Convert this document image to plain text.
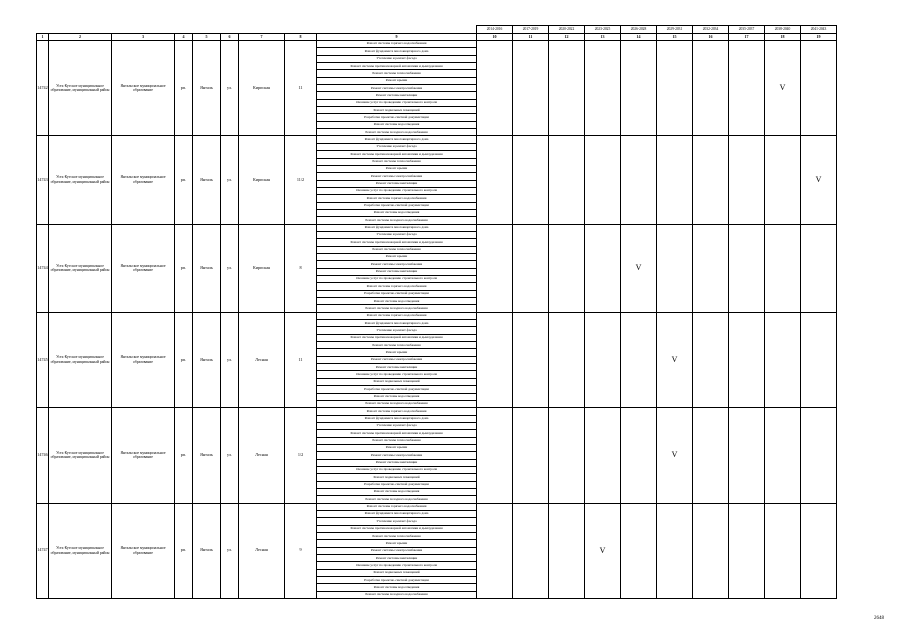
									2014-2016	2017-2019	2020-2022	2023-2025	2026-2028	2029-2031	2032-2034	2035-2037	2038-2040	2041-2043
1	2	3	4	5	6	7	8	9	10	11	12	13	14	15	16	17	18	19
14742	Усть-Кутское муниципальное образование, муниципальный район	Янтальское муниципальное образование	рп.	Янталь	ул.	Кирпская	11	Ремонт системы горячего водоснабжения									V	
								Ремонт фундамента многоквартирного дома										
								Утепление и ремонт фасада										
								Ремонт системы противопожарной автоматики и дымоудаления										
								Ремонт системы теплоснабжения										
								Ремонт крыши										
								Ремонт системы электроснабжения										
								Ремонт системы вентиляции										
								Оказание услуг по проведению строительного контроля										
								Ремонт подвальных помещений										
								Разработка проектно-сметной документации										
								Ремонт системы водоотведения										
								Ремонт системы холодного водоснабжения										
14743	Усть-Кутское муниципальное образование, муниципальный район	Янтальское муниципальное образование	рп.	Янталь	ул.	Кирпская	11/2	Ремонт фундамента многоквартирного дома										V
								Утепление и ремонт фасада										
								Ремонт системы противопожарной автоматики и дымоудаления										
								Ремонт системы теплоснабжения										
								Ремонт крыши										
								Ремонт системы электроснабжения										
								Ремонт системы вентиляции										
								Оказание услуг по проведению строительного контроля										
								Ремонт системы горячего водоснабжения										
								Разработка проектно-сметной документации										
								Ремонт системы водоотведения										
								Ремонт системы холодного водоснабжения										
14744	Усть-Кутское муниципальное образование, муниципальный район	Янтальское муниципальное образование	рп.	Янталь	ул.	Кирпская	8	Ремонт фундамента многоквартирного дома					V					
								Утепление и ремонт фасада										
								Ремонт системы противопожарной автоматики и дымоудаления										
								Ремонт системы теплоснабжения										
								Ремонт крыши										
								Ремонт системы электроснабжения										
								Ремонт системы вентиляции										
								Оказание услуг по проведению строительного контроля										
								Ремонт системы горячего водоснабжения										
								Разработка проектно-сметной документации										
								Ремонт системы водоотведения										
								Ремонт системы холодного водоснабжения										
14745	Усть-Кутское муниципальное образование, муниципальный район	Янтальское муниципальное образование	рп.	Янталь	ул.	Лесная	11	Ремонт системы горячего водоснабжения						V				
								Ремонт фундамента многоквартирного дома										
								Утепление и ремонт фасада										
								Ремонт системы противопожарной автоматики и дымоудаления										
								Ремонт системы теплоснабжения										
								Ремонт крыши										
								Ремонт системы электроснабжения										
								Ремонт системы вентиляции										
								Оказание услуг по проведению строительного контроля										
								Ремонт подвальных помещений										
								Разработка проектно-сметной документации										
								Ремонт системы водоотведения										
								Ремонт системы холодного водоснабжения										
14746	Усть-Кутское муниципальное образование, муниципальный район	Янтальское муниципальное образование	рп.	Янталь	ул.	Лесная	1/2	Ремонт системы горячего водоснабжения						V				
								Ремонт фундамента многоквартирного дома										
								Утепление и ремонт фасада										
								Ремонт системы противопожарной автоматики и дымоудаления										
								Ремонт системы теплоснабжения										
								Ремонт крыши										
								Ремонт системы электроснабжения										
								Ремонт системы вентиляции										
								Оказание услуг по проведению строительного контроля										
								Ремонт подвальных помещений										
								Разработка проектно-сметной документации										
								Ремонт системы водоотведения										
								Ремонт системы холодного водоснабжения										
14747	Усть-Кутское муниципальное образование, муниципальный район	Янтальское муниципальное образование	рп.	Янталь	ул.	Лесная	9	Ремонт системы горячего водоснабжения				V						
								Ремонт фундамента многоквартирного дома										
								Утепление и ремонт фасада										
								Ремонт системы противопожарной автоматики и дымоудаления										
								Ремонт системы теплоснабжения										
								Ремонт крыши										
								Ремонт системы электроснабжения										
								Ремонт системы вентиляции										
								Оказание услуг по проведению строительного контроля										
								Ремонт подвальных помещений										
								Разработка проектно-сметной документации										
								Ремонт системы водоотведения										
								Ремонт системы холодного водоснабжения										
2648
